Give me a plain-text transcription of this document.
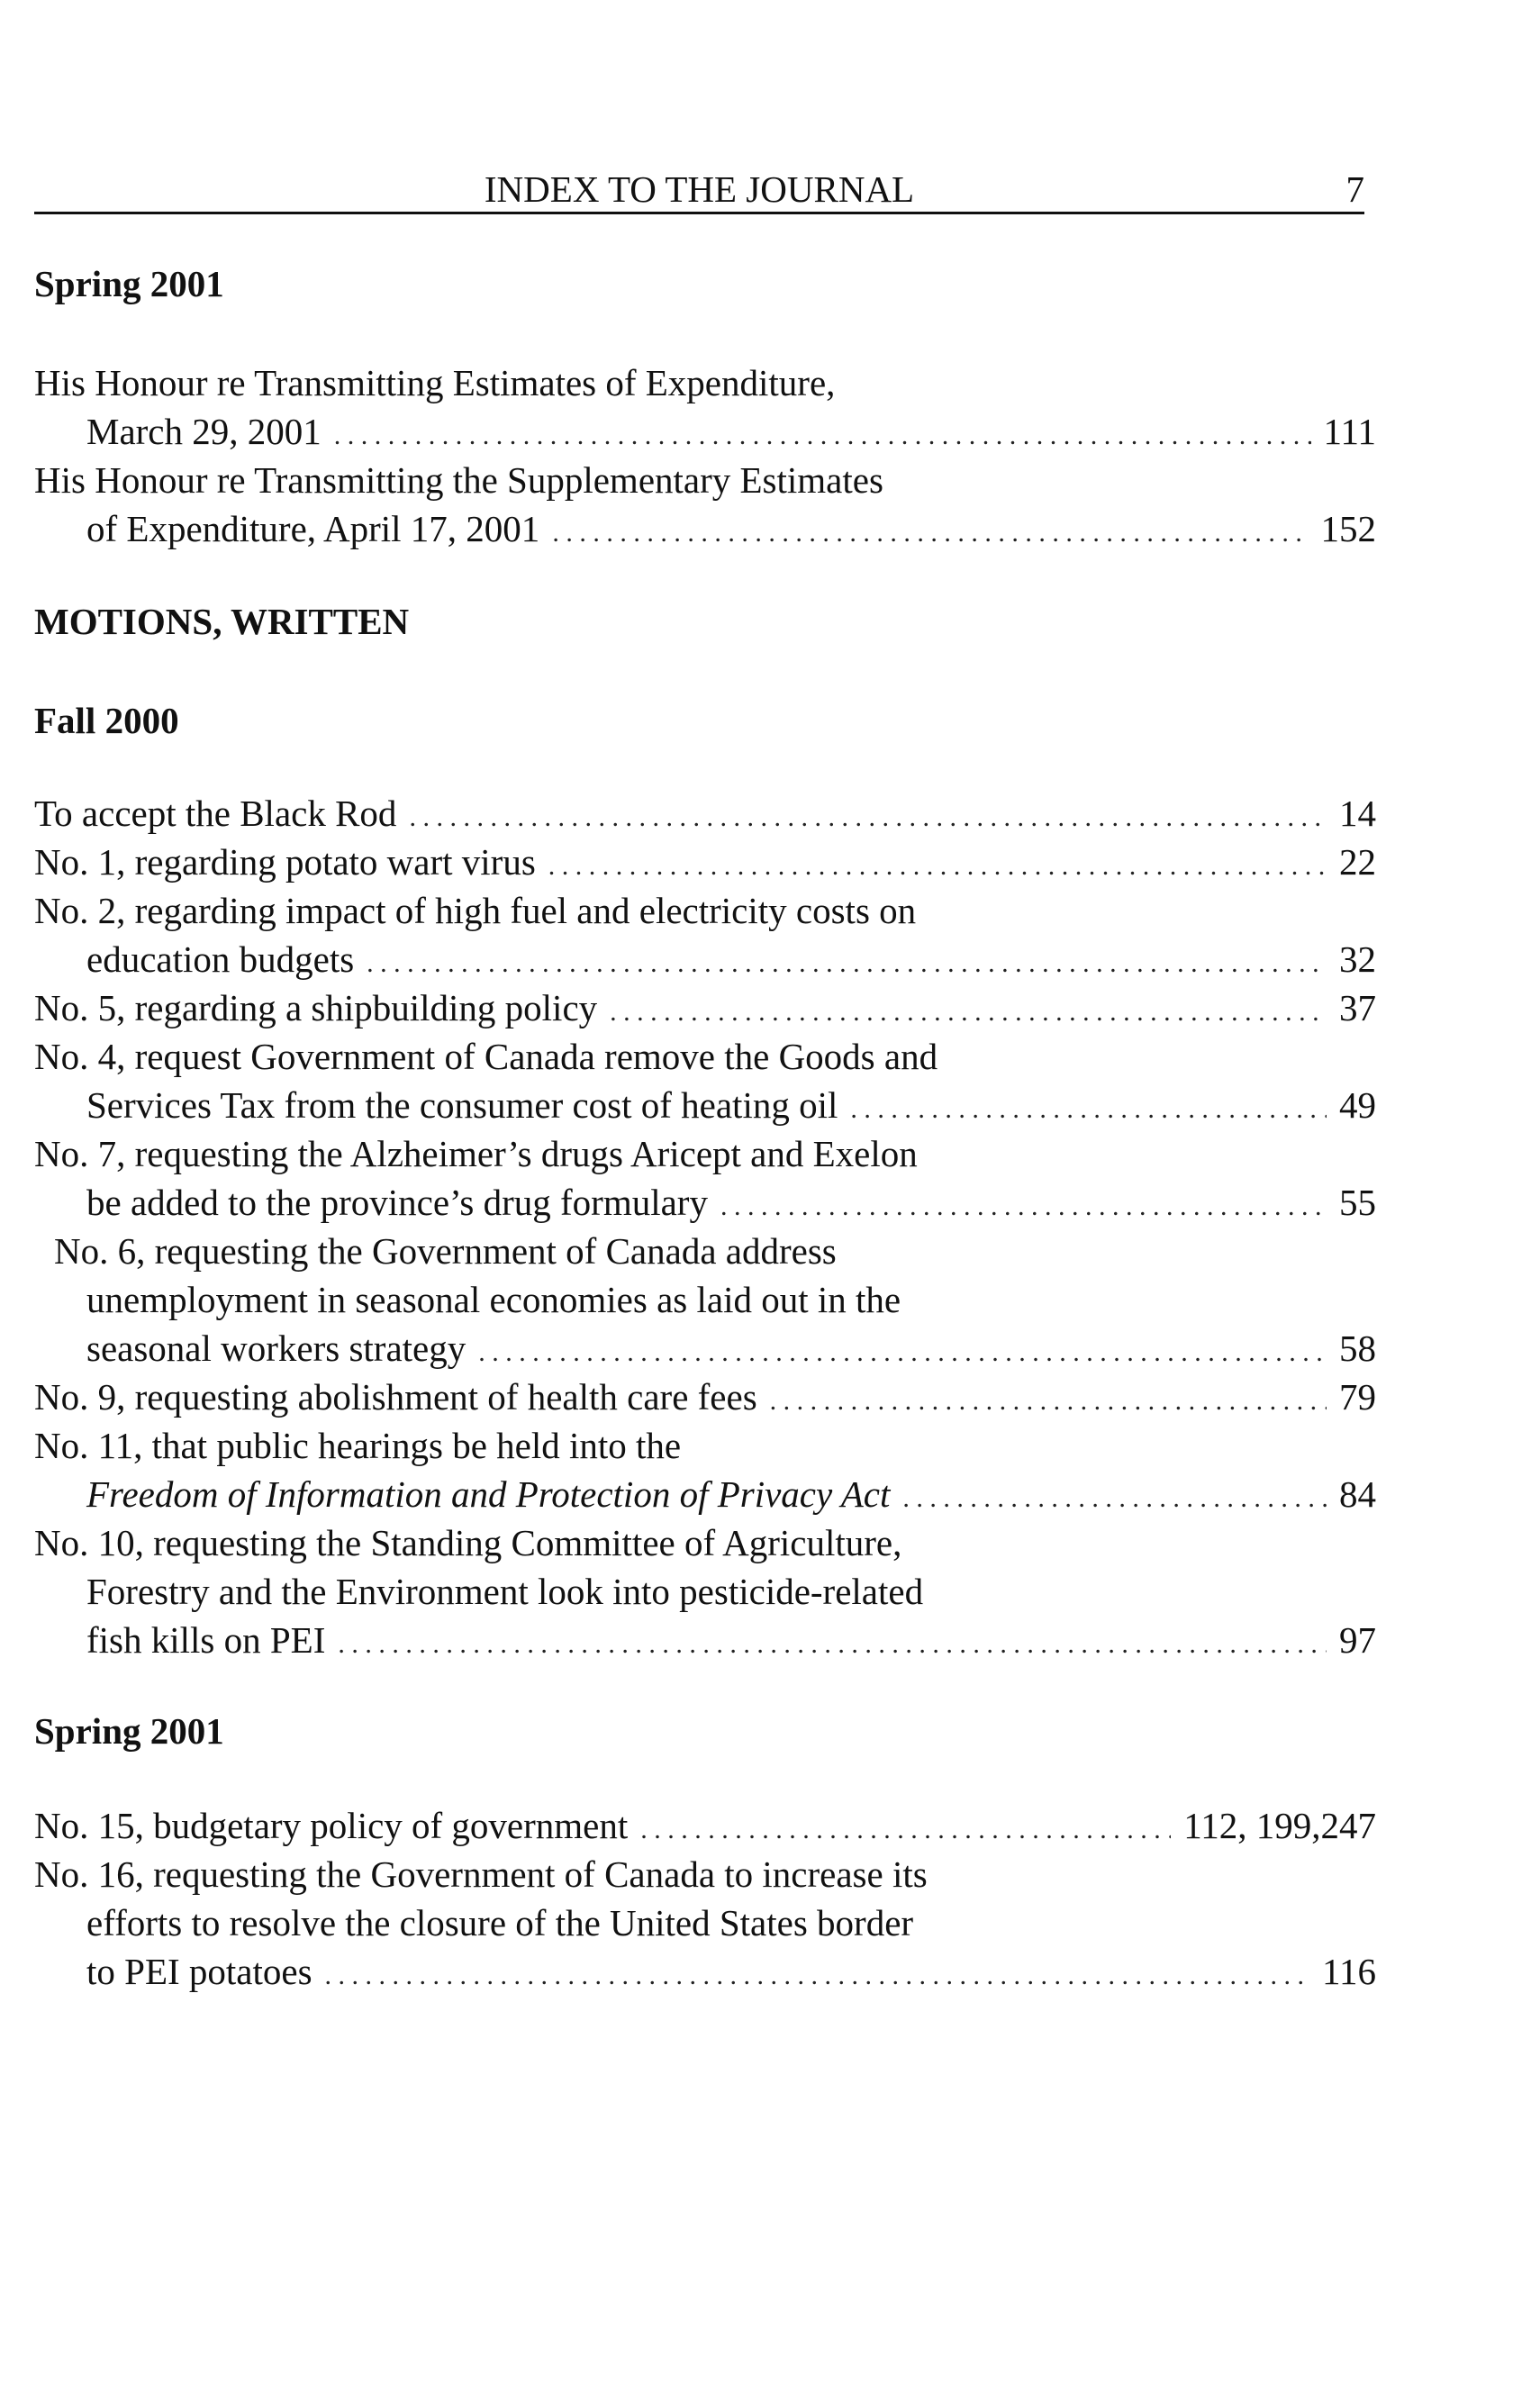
INDEX TO THE JOURNAL	7
Spring 2001
His Honour re Transmitting Estimates of Expenditure,
March 29, 2001 . . .	111
His Honour re Transmitting the Supplementary Estimates
of Expenditure, April 17, 2001 . . .	152
MOTIONS, WRITTEN
Fall 2000
To accept the Black Rod . . .	14
No. 1, regarding potato wart virus . . .	22
No. 2, regarding impact of high fuel and electricity costs on
education budgets . . .	32
No. 5, regarding a shipbuilding policy . . .	37
No. 4, request Government of Canada remove the Goods and
Services Tax from the consumer cost of heating oil . . .	49
No. 7, requesting the Alzheimer’s drugs Aricept and Exelon
be added to the province’s drug formulary . . .	55
No. 6, requesting the Government of Canada address
unemployment in seasonal economies as laid out in the
seasonal workers strategy . . .	58
No. 9, requesting abolishment of health care fees . . .	79
No. 11, that public hearings be held into the
Freedom of Information and Protection of Privacy Act . . .	84
No. 10, requesting the Standing Committee of Agriculture,
Forestry and the Environment look into pesticide-related
fish kills on PEI . . .	97
Spring 2001
No. 15, budgetary policy of government . . .	112, 199,247
No. 16, requesting the Government of Canada to increase its
efforts to resolve the closure of the United States border
to PEI potatoes . . .	116
